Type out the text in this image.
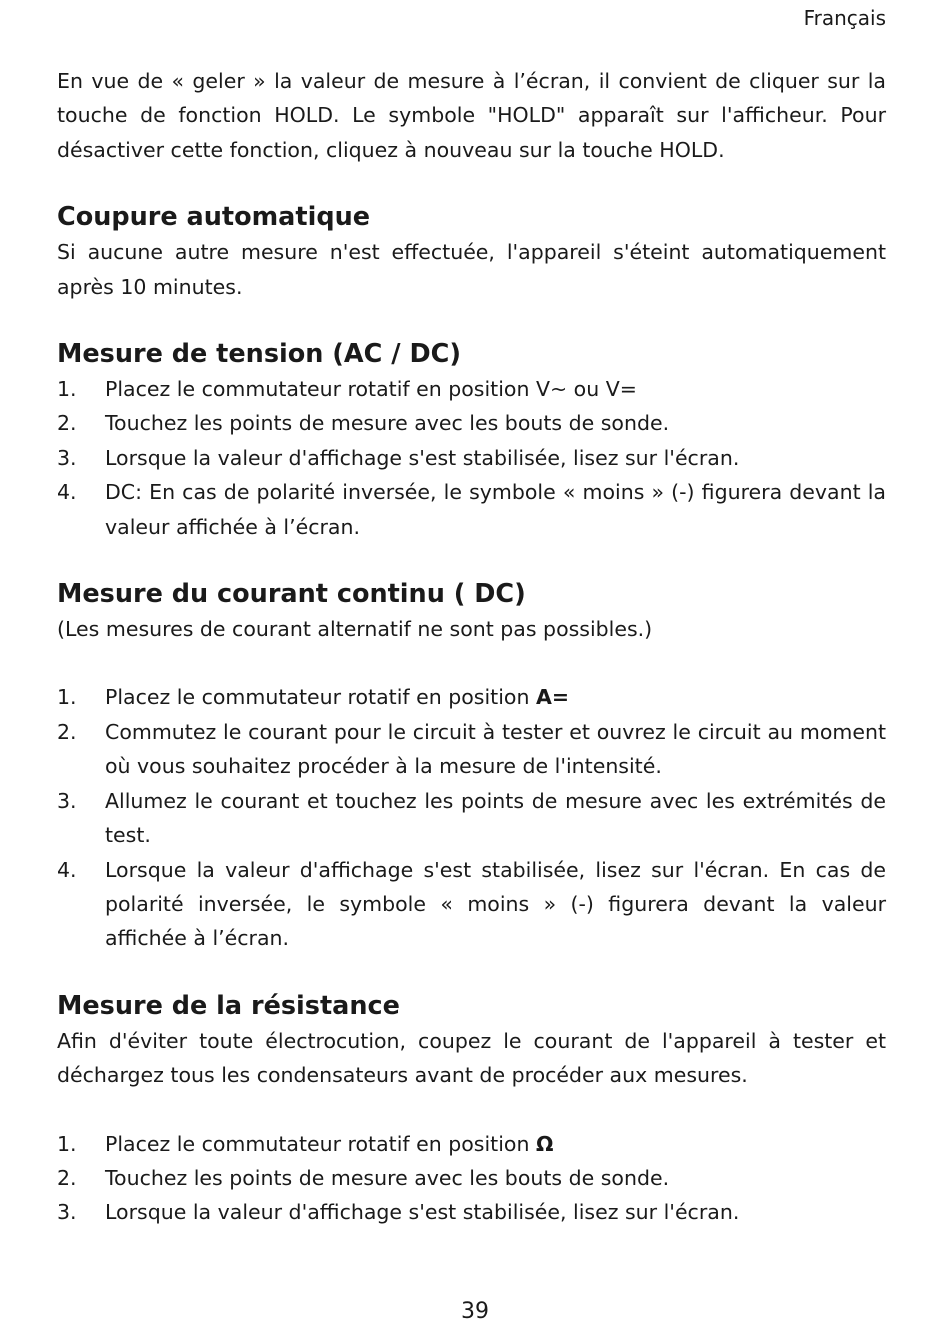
Français

En vue de « geler » la valeur de mesure à l’écran, il convient de cliquer sur la touche de fonction HOLD. Le symbole "HOLD" apparaît sur l'afficheur. Pour désactiver cette fonction, cliquez à nouveau sur la touche HOLD.

Coupure automatique

Si aucune autre mesure n'est effectuée, l'appareil s'éteint automatiquement après 10 minutes.

Mesure de tension (AC / DC)
1. Placez le commutateur rotatif en position V~ ou V=
2. Touchez les points de mesure avec les bouts de sonde.
3. Lorsque la valeur d'affichage s'est stabilisée, lisez sur l'écran.
4. DC: En cas de polarité inversée, le symbole « moins » (-) figurera devant la valeur affichée à l’écran.
Mesure du courant continu ( DC)

(Les mesures de courant alternatif ne sont pas possibles.)

1. Placez le commutateur rotatif en position A=
2. Commutez le courant pour le circuit à tester et ouvrez le circuit au moment où vous souhaitez procéder à la mesure de l'intensité.
3. Allumez le courant et touchez les points de mesure avec les extrémités de test.
4. Lorsque la valeur d'affichage s'est stabilisée, lisez sur l'écran. En cas de polarité inversée, le symbole « moins » (-) figurera devant la valeur affichée à l’écran.
Mesure de la résistance

Afin d'éviter toute électrocution, coupez le courant de l'appareil à tester et déchargez tous les condensateurs avant de procéder aux mesures.

1. Placez le commutateur rotatif en position Ω
2. Touchez les points de mesure avec les bouts de sonde.
3. Lorsque la valeur d'affichage s'est stabilisée, lisez sur l'écran.
39
